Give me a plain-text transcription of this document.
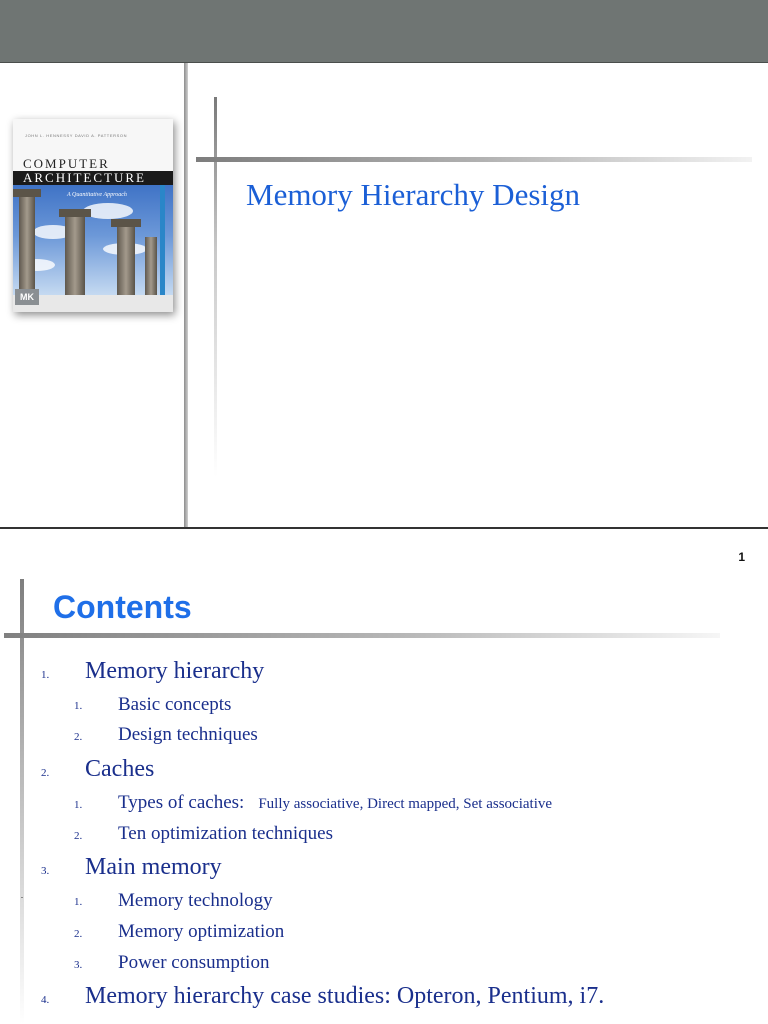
JOHN L. HENNESSY DAVID A. PATTERSON
COMPUTER
ARCHITECTURE
A Quantitative Approach
MK
Memory Hierarchy Design
1
Contents
1. Memory hierarchy
1. Basic concepts
2. Design techniques
2. Caches
1. Types of caches: Fully associative, Direct mapped, Set associative
2. Ten optimization techniques
3. Main memory
1. Memory technology
2. Memory optimization
3. Power consumption
4. Memory hierarchy case studies: Opteron, Pentium, i7.
